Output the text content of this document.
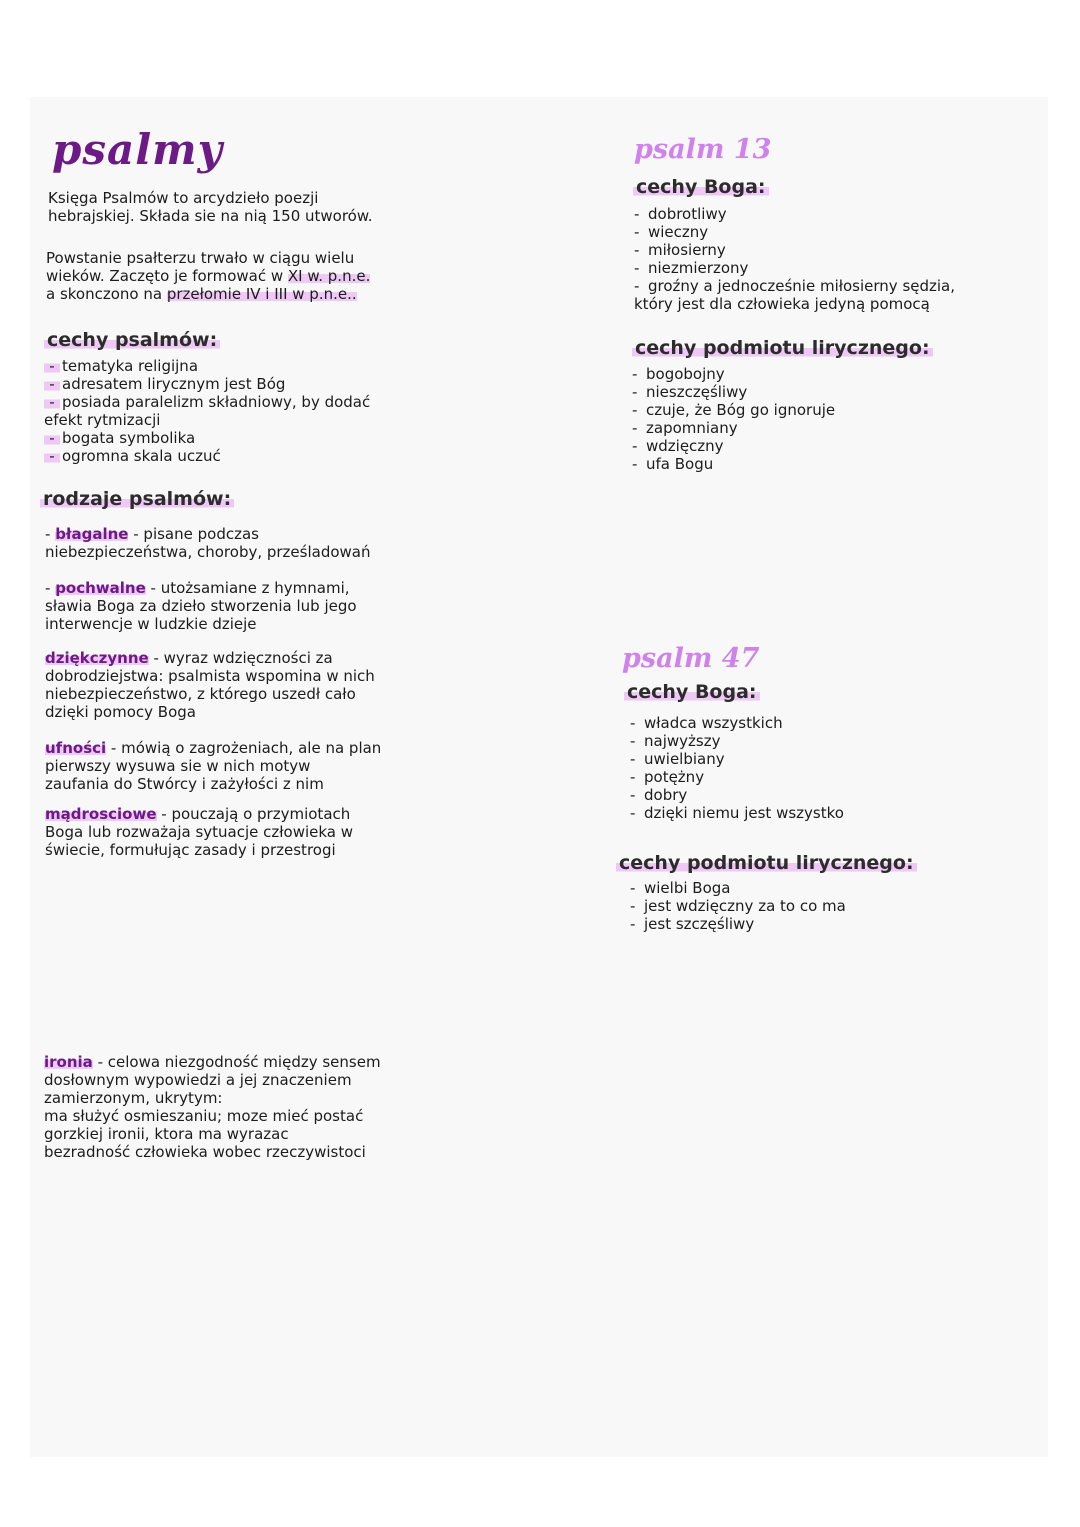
psalmy

Księga Psalmów to arcydzieło poezji
hebrajskiej. Składa sie na nią 150 utworów.

Powstanie psałterzu trwało w ciągu wielu
wieków. Zaczęto je formować w XI w. p.n.e.
a skonczono na przełomie IV i III w p.n.e..

cechy psalmów:
- tematyka religijna
- adresatem lirycznym jest Bóg
- posiada paralelizm składniowy, by dodać
efekt rytmizacji
- bogata symbolika
- ogromna skala uczuć
rodzaje psalmów:

- błagalne - pisane podczas
niebezpieczeństwa, choroby, prześladowań

- pochwalne - utożsamiane z hymnami,
sławia Boga za dzieło stworzenia lub jego
interwencje w ludzkie dzieje

dziękczynne - wyraz wdzięczności za
dobrodziejstwa: psalmista wspomina w nich
niebezpieczeństwo, z którego uszedł cało
dzięki pomocy Boga

ufności - mówią o zagrożeniach, ale na plan
pierwszy wysuwa sie w nich motyw
zaufania do Stwórcy i zażyłości z nim

mądrosciowe - pouczają o przymiotach
Boga lub rozważaja sytuacje człowieka w
świecie, formułując zasady i przestrogi

ironia - celowa niezgodność między sensem
dosłownym wypowiedzi a jej znaczeniem
zamierzonym, ukrytym:
ma służyć osmieszaniu; moze mieć postać
gorzkiej ironii, ktora ma wyrazac
bezradność człowieka wobec rzeczywistoci

psalm 13
cechy Boga:
- dobrotliwy
- wieczny
- miłosierny
- niezmierzony
- groźny a jednocześnie miłosierny sędzia,
który jest dla człowieka jedyną pomocą
cechy podmiotu lirycznego:
- bogobojny
- nieszczęśliwy
- czuje, że Bóg go ignoruje
- zapomniany
- wdzięczny
- ufa Bogu
psalm 47
cechy Boga:
- władca wszystkich
- najwyższy
- uwielbiany
- potężny
- dobry
- dzięki niemu jest wszystko
cechy podmiotu lirycznego:
- wielbi Boga
- jest wdzięczny za to co ma
- jest szczęśliwy
